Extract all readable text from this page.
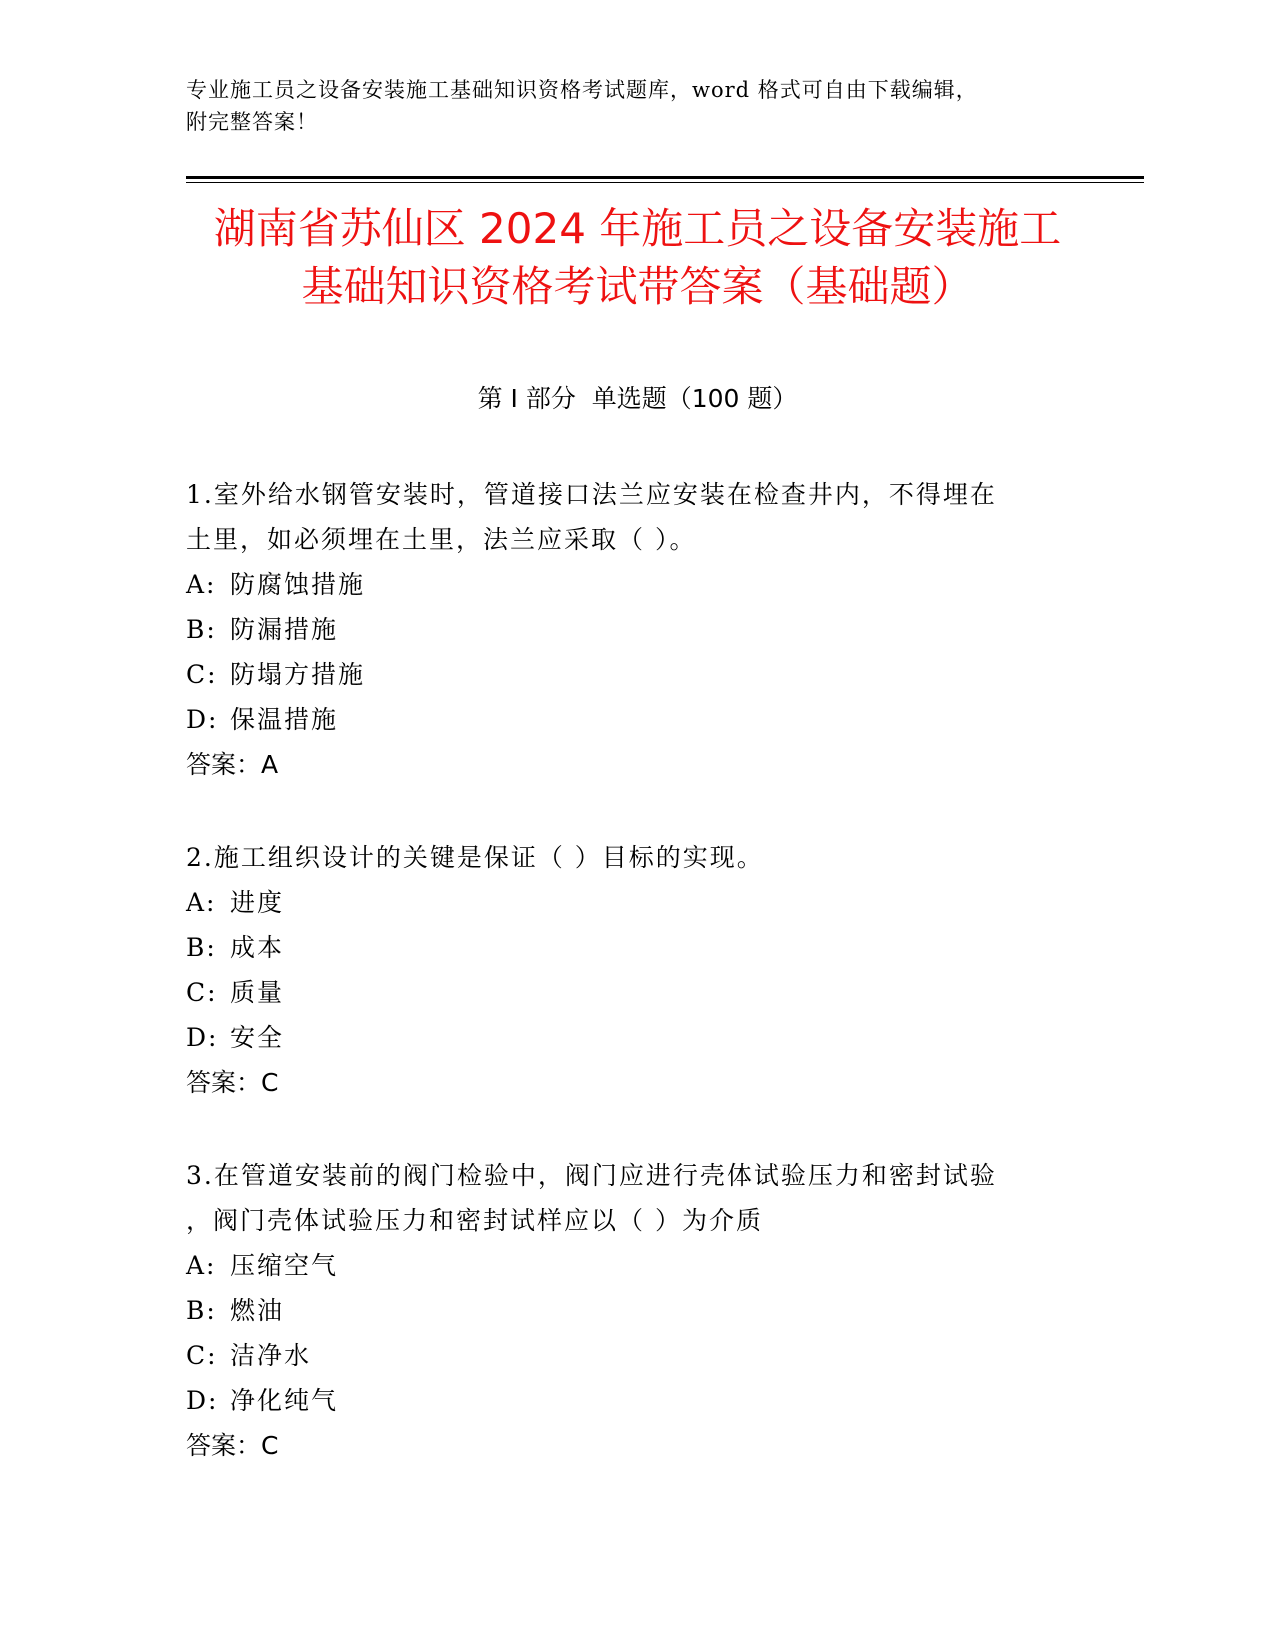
专业施工员之设备安装施工基础知识资格考试题库，word 格式可自由下载编辑，
附完整答案！
湖南省苏仙区 2024 年施工员之设备安装施工
基础知识资格考试带答案（基础题）
第 I 部分  单选题（100 题）
1.室外给水钢管安装时，管道接口法兰应安装在检查井内，不得埋在
土里，如必须埋在土里，法兰应采取（ ）。
A: 防腐蚀措施
B: 防漏措施
C: 防塌方措施
D: 保温措施
答案：A
2.施工组织设计的关键是保证（ ）目标的实现。
A: 进度
B: 成本
C: 质量
D: 安全
答案：C
3.在管道安装前的阀门检验中，阀门应进行壳体试验压力和密封试验
，阀门壳体试验压力和密封试样应以（ ）为介质
A: 压缩空气
B: 燃油
C: 洁净水
D: 净化纯气
答案：C
